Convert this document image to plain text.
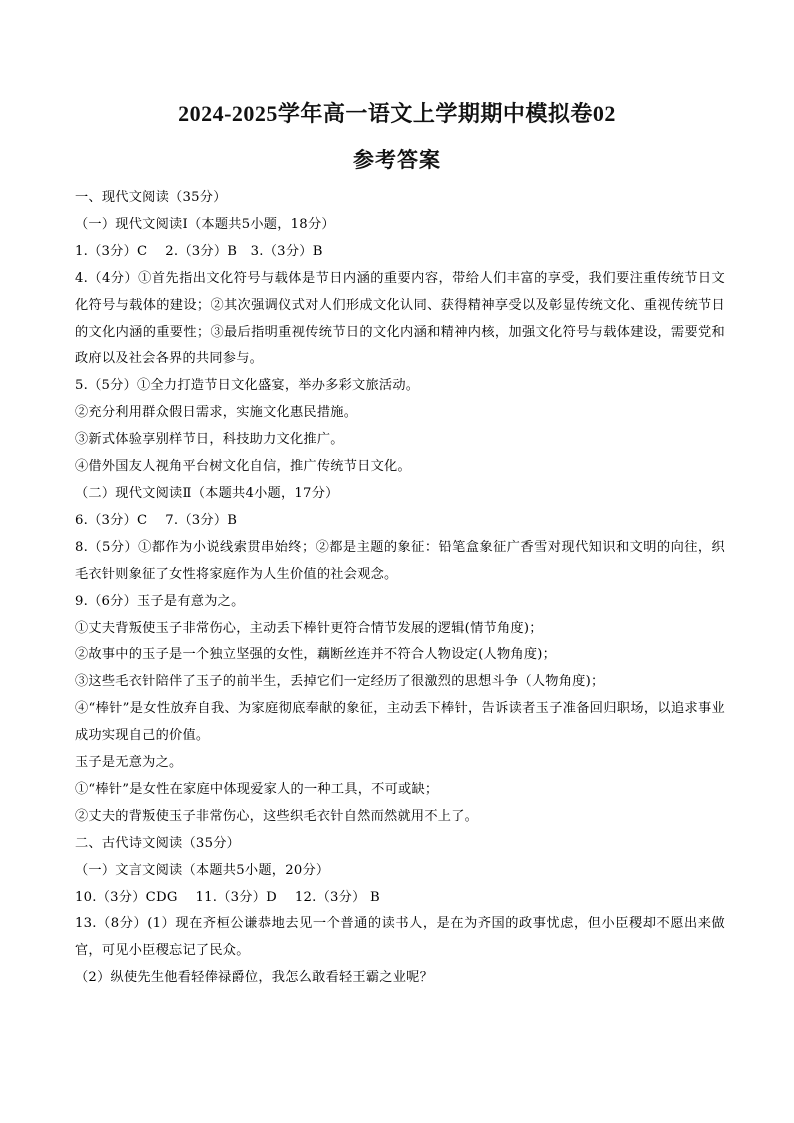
2024-2025学年高一语文上学期期中模拟卷02
参考答案
一、现代文阅读（35分）
（一）现代文阅读Ⅰ（本题共5小题，18分）
1.（3分）C　 2.（3分）B　3.（3分）B
4.（4分）①首先指出文化符号与载体是节日内涵的重要内容，带给人们丰富的享受，我们要注重传统节日文化符号与载体的建设；②其次强调仪式对人们形成文化认同、获得精神享受以及彰显传统文化、重视传统节日的文化内涵的重要性；③最后指明重视传统节日的文化内涵和精神内核，加强文化符号与载体建设，需要党和政府以及社会各界的共同参与。
5.（5分）①全力打造节日文化盛宴，举办多彩文旅活动。
②充分利用群众假日需求，实施文化惠民措施。
③新式体验享别样节日，科技助力文化推广。
④借外国友人视角平台树文化自信，推广传统节日文化。
（二）现代文阅读Ⅱ（本题共4小题，17分）
6.（3分）C　 7.（3分）B
8.（5分）①都作为小说线索贯串始终；②都是主题的象征：铅笔盒象征广香雪对现代知识和文明的向往，织毛衣针则象征了女性将家庭作为人生价值的社会观念。
9.（6分）玉子是有意为之。
①丈夫背叛使玉子非常伤心，主动丢下棒针更符合情节发展的逻辑(情节角度)；
②故事中的玉子是一个独立坚强的女性，藕断丝连并不符合人物设定(人物角度)；
③这些毛衣针陪伴了玉子的前半生，丢掉它们一定经历了很激烈的思想斗争（人物角度)；
④“棒针”是女性放弃自我、为家庭彻底奉献的象征，主动丢下棒针，告诉读者玉子准备回归职场，以追求事业成功实现自己的价值。
玉子是无意为之。
①“棒针”是女性在家庭中体现爱家人的一种工具，不可或缺；
②丈夫的背叛使玉子非常伤心，这些织毛衣针自然而然就用不上了。
二、古代诗文阅读（35分）
（一）文言文阅读（本题共5小题，20分）
10.（3分）CDG　 11.（3分）D　 12.（3分） B
13.（8分）(1）现在齐桓公谦恭地去见一个普通的读书人，是在为齐国的政事忧虑，但小臣稷却不愿出来做官，可见小臣稷忘记了民众。
（2）纵使先生他看轻俸禄爵位，我怎么敢看轻王霸之业呢？
